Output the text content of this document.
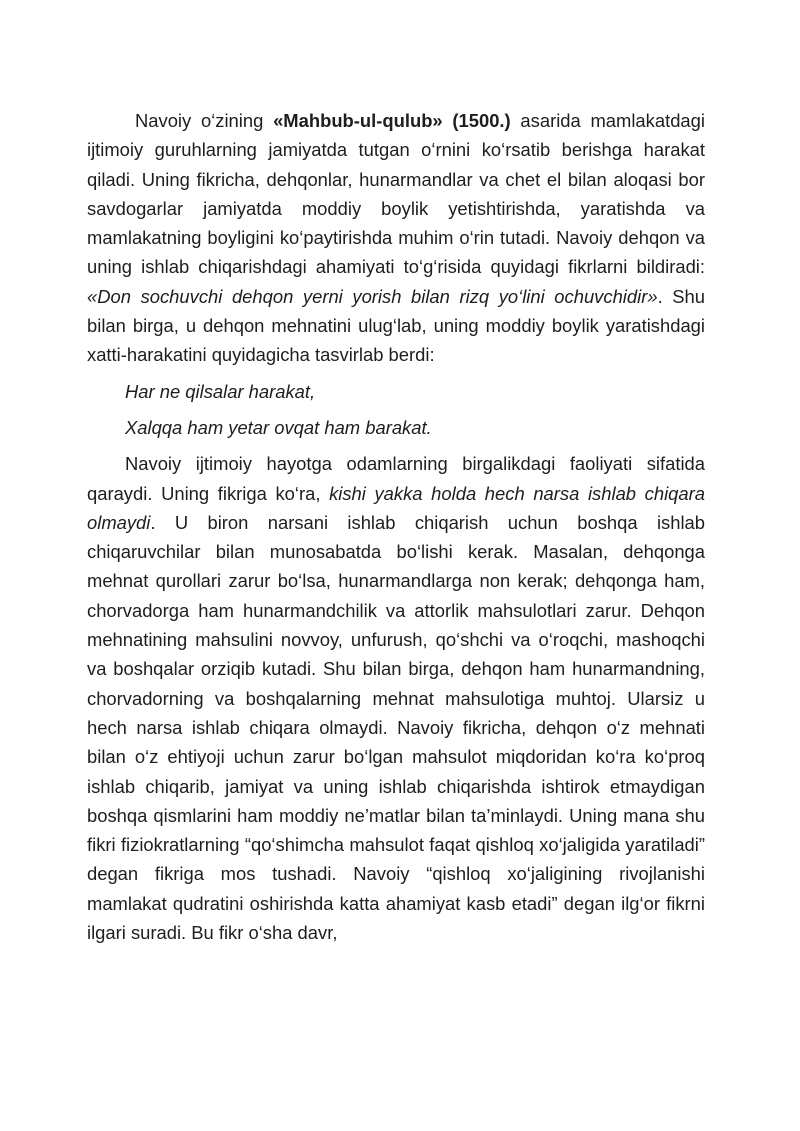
Navoiy o‘zining «Mahbub-ul-qulub» (1500.) asarida mamlakatdagi ijtimoiy guruhlarning jamiyatda tutgan o‘rnini ko‘rsatib berishga harakat qiladi. Uning fikricha, dehqonlar, hunarmandlar va chet el bilan aloqasi bor savdogarlar jamiyatda moddiy boylik yetishtirishda, yaratishda va mamlakatning boyligini ko‘paytirishda muhim o‘rin tutadi. Navoiy dehqon va uning ishlab chiqarishdagi ahamiyati to‘g‘risida quyidagi fikrlarni bildiradi: «Don sochuvchi dehqon yerni yorish bilan rizq yo‘lini ochuvchidir». Shu bilan birga, u dehqon mehnatini ulug‘lab, uning moddiy boylik yaratishdagi xatti-harakatini quyidagicha tasvirlab berdi:

Har ne qilsalar harakat,

Xalqqa ham yetar ovqat ham barakat.

Navoiy ijtimoiy hayotga odamlarning birgalikdagi faoliyati sifatida qaraydi. Uning fikriga ko‘ra, kishi yakka holda hech narsa ishlab chiqara olmaydi. U biron narsani ishlab chiqarish uchun boshqa ishlab chiqaruvchilar bilan munosabatda bo‘lishi kerak. Masalan, dehqonga mehnat qurollari zarur bo‘lsa, hunarmandlarga non kerak; dehqonga ham, chorvadorga ham hunarmandchilik va attorlik mahsulotlari zarur. Dehqon mehnatining mahsulini novvoy, unfurush, qo‘shchi va o‘roqchi, mashoqchi va boshqalar orziqib kutadi. Shu bilan birga, dehqon ham hunarmandning, chorvadorning va boshqalarning mehnat mahsulotiga muhtoj. Ularsiz u hech narsa ishlab chiqara olmaydi. Navoiy fikricha, dehqon o‘z mehnati bilan o‘z ehtiyoji uchun zarur bo‘lgan mahsulot miqdoridan ko‘ra ko‘proq ishlab chiqarib, jamiyat va uning ishlab chiqarishda ishtirok etmaydigan boshqa qismlarini ham moddiy ne’matlar bilan ta’minlaydi. Uning mana shu fikri fiziokratlarning “qo‘shimcha mahsulot faqat qishloq xo‘jaligida yaratiladi” degan fikriga mos tushadi. Navoiy “qishloq xo‘jaligining rivojlanishi mamlakat qudratini oshirishda katta ahamiyat kasb etadi” degan ilg‘or fikrni ilgari suradi. Bu fikr o‘sha davr,
